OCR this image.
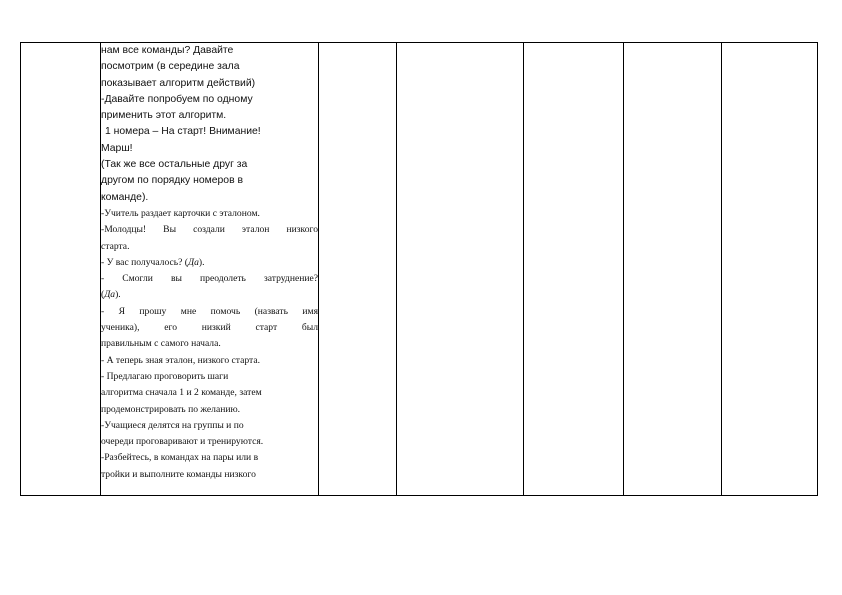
нам все команды? Давайте

посмотрим (в середине зала

показывает алгоритм действий)

-Давайте попробуем по одному

применить этот алгоритм.

1 номера – На старт! Внимание!

Марш!

(Так же все остальные друг за

другом по порядку номеров в

команде).

-Учитель раздает карточки с эталоном.

-Молодцы! Вы создали эталон низкого

старта.

- У вас получалось? (Да).

- Смогли вы преодолеть затруднение?

(Да).

- Я прошу мне помочь (назвать имя

ученика), его низкий старт был

правильным с самого начала.

- А теперь зная эталон, низкого старта.

- Предлагаю проговорить шаги

алгоритма сначала 1 и 2 команде, затем

продемонстрировать по желанию.

-Учащиеся делятся на группы и по

очереди проговаривают и тренируются.

-Разбейтесь, в командах на пары или в

тройки и выполните команды низкого
